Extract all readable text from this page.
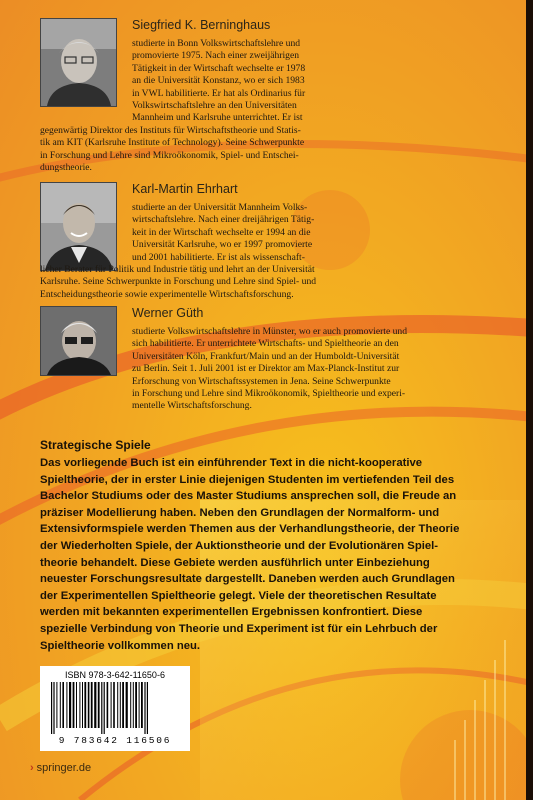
Siegfried K. Berninghaus
studierte in Bonn Volkswirtschaftslehre und
promovierte 1975. Nach einer zweijährigen
Tätigkeit in der Wirtschaft wechselte er 1978
an die Universität Konstanz, wo er sich 1983
in VWL habilitierte. Er hat als Ordinarius für
Volkswirtschaftslehre an den Universitäten
Mannheim und Karlsruhe unterrichtet. Er ist
gegenwärtig Direktor des Instituts für Wirtschaftstheorie und Statis-
tik am KIT (Karlsruhe Institute of Technology). Seine Schwerpunkte
in Forschung und Lehre sind Mikroökonomik, Spiel- und Entschei-
dungstheorie.
Karl-Martin Ehrhart
studierte an der Universität Mannheim Volks-
wirtschaftslehre. Nach einer dreijährigen Tätig-
keit in der Wirtschaft wechselte er 1994 an die
Universität Karlsruhe, wo er 1997 promovierte
und 2001 habilitierte. Er ist als wissenschaft-
licher Berater für Politik und Industrie tätig und lehrt an der Universität
Karlsruhe. Seine Schwerpunkte in Forschung und Lehre sind Spiel- und
Entscheidungstheorie sowie experimentelle Wirtschaftsforschung.
Werner Güth
studierte Volkswirtschaftslehre in Münster, wo er auch promovierte und
sich habilitierte. Er unterrichtete Wirtschafts- und Spieltheorie an den
Universitäten Köln, Frankfurt/Main und an der Humboldt-Universität
zu Berlin. Seit 1. Juli 2001 ist er Direktor am Max-Planck-Institut zur
Erforschung von Wirtschaftssystemen in Jena. Seine Schwerpunkte
in Forschung und Lehre sind Mikroökonomik, Spieltheorie und experi-
mentelle Wirtschaftsforschung.
Strategische Spiele
Das vorliegende Buch ist ein einführender Text in die nicht-kooperative
Spieltheorie, der in erster Linie diejenigen Studenten im vertiefenden Teil des
Bachelor Studiums oder des Master Studiums ansprechen soll, die Freude an
präziser Modellierung haben. Neben den Grundlagen der Normalform- und
Extensivformspiele werden Themen aus der Verhandlungstheorie, der Theorie
der Wiederholten Spiele, der Auktionstheorie und der Evolutionären Spiel-
theorie behandelt. Diese Gebiete werden ausführlich unter Einbeziehung
neuester Forschungsresultate dargestellt. Daneben werden auch Grundlagen
der Experimentellen Spieltheorie gelegt. Viele der theoretischen Resultate
werden mit bekannten experimentellen Ergebnissen konfrontiert. Diese
spezielle Verbindung von Theorie und Experiment ist für ein Lehrbuch der
Spieltheorie vollkommen neu.
ISBN 978-3-642-11650-6
9 783642 116506
› springer.de
